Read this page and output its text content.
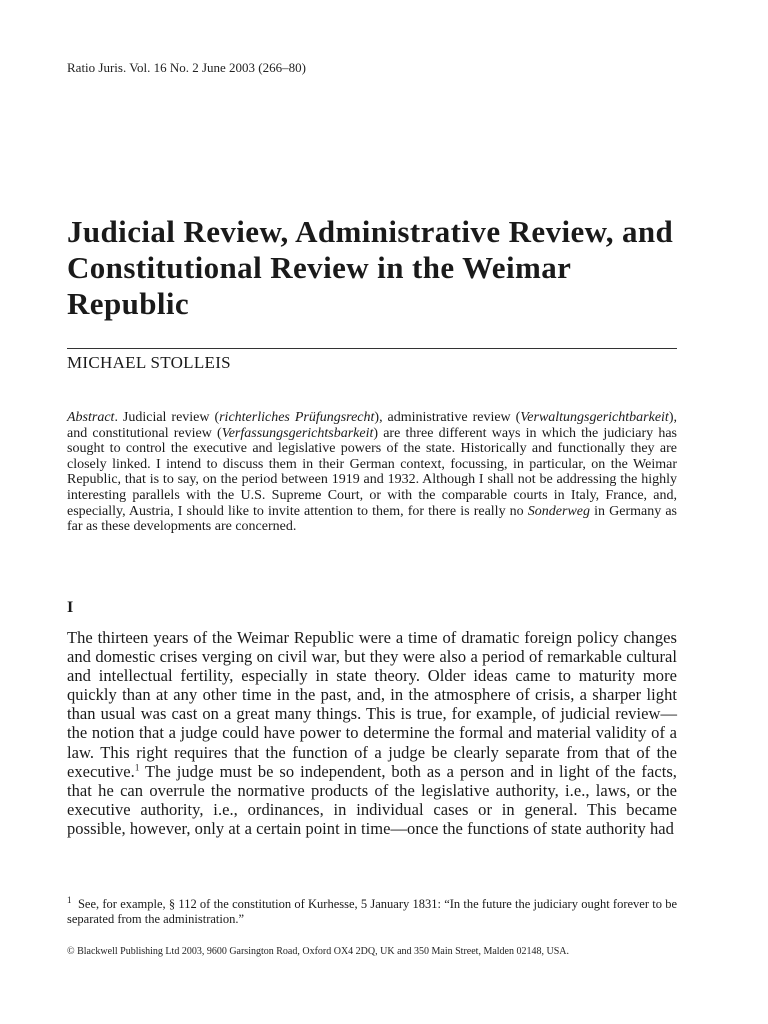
Ratio Juris. Vol. 16 No. 2 June 2003 (266–80)
Judicial Review, Administrative Review, and Constitutional Review in the Weimar Republic
MICHAEL STOLLEIS

Abstract. Judicial review (richterliches Prüfungsrecht), administrative review (Verwaltungsgerichtbarkeit), and constitutional review (Verfassungsgerichtsbarkeit) are three different ways in which the judiciary has sought to control the executive and legislative powers of the state. Historically and functionally they are closely linked. I intend to discuss them in their German context, focussing, in particular, on the Weimar Republic, that is to say, on the period between 1919 and 1932. Although I shall not be addressing the highly interesting parallels with the U.S. Supreme Court, or with the comparable courts in Italy, France, and, especially, Austria, I should like to invite attention to them, for there is really no Sonderweg in Germany as far as these developments are concerned.

I

The thirteen years of the Weimar Republic were a time of dramatic foreign policy changes and domestic crises verging on civil war, but they were also a period of remarkable cultural and intellectual fertility, especially in state theory. Older ideas came to maturity more quickly than at any other time in the past, and, in the atmosphere of crisis, a sharper light than usual was cast on a great many things. This is true, for example, of judicial review—the notion that a judge could have power to determine the formal and material validity of a law. This right requires that the function of a judge be clearly separate from that of the executive.$^1$ The judge must be so independent, both as a person and in light of the facts, that he can overrule the normative products of the legislative authority, i.e., laws, or the executive authority, i.e., ordinances, in individual cases or in general. This became possible, however, only at a certain point in time—once the functions of state authority had

$^1$ See, for example, § 112 of the constitution of Kurhesse, 5 January 1831: “In the future the judiciary ought forever to be separated from the administration.”

© Blackwell Publishing Ltd 2003, 9600 Garsington Road, Oxford OX4 2DQ, UK and 350 Main Street, Malden 02148, USA.
